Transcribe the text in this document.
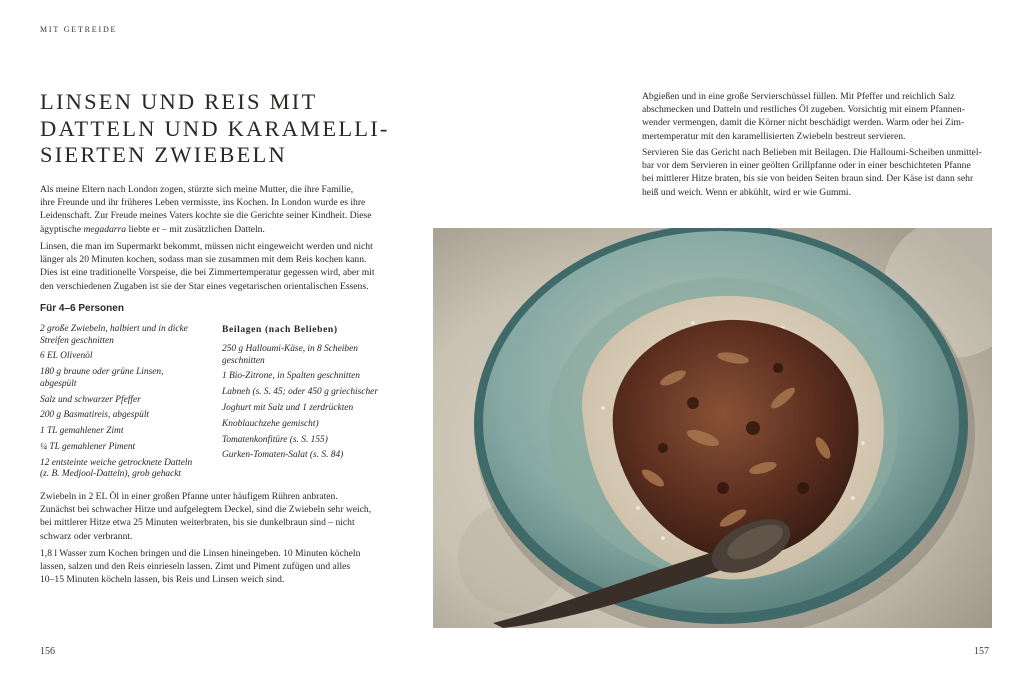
MIT GETREIDE
LINSEN UND REIS MIT
DATTELN UND KARAMELLI-
SIERTEN ZWIEBELN

Als meine Eltern nach London zogen, stürzte sich meine Mutter, die ihre Familie,
ihre Freunde und ihr früheres Leben vermisste, ins Kochen. In London wurde es ihre
Leidenschaft. Zur Freude meines Vaters kochte sie die Gerichte seiner Kindheit. Diese
ägyptische megadarra liebte er – mit zusätzlichen Datteln.

Linsen, die man im Supermarkt bekommt, müssen nicht eingeweicht werden und nicht
länger als 20 Minuten kochen, sodass man sie zusammen mit dem Reis kochen kann.
Dies ist eine traditionelle Vorspeise, die bei Zimmertemperatur gegessen wird, aber mit
den verschiedenen Zugaben ist sie der Star eines vegetarischen orientalischen Essens.

Für 4–6 Personen
2 große Zwiebeln, halbiert und in dicke
Streifen geschnitten
6 EL Olivenöl
180 g braune oder grüne Linsen,
abgespült
Salz und schwarzer Pfeffer
200 g Basmatireis, abgespült
1 TL gemahlener Zimt
¼ TL gemahlener Piment
12 entsteinte weiche getrocknete Datteln
(z. B. Medjool-Datteln), grob gehackt
Beilagen (nach Belieben)
250 g Halloumi-Käse, in 8 Scheiben
geschnitten
1 Bio-Zitrone, in Spalten geschnitten
Labneh (s. S. 45; oder 450 g griechischer
Joghurt mit Salz und 1 zerdrückten
Knoblauchzehe gemischt)
Tomatenkonfitüre (s. S. 155)
Gurken-Tomaten-Salat (s. S. 84)

Zwiebeln in 2 EL Öl in einer großen Pfanne unter häufigem Rühren anbraten.
Zunächst bei schwacher Hitze und aufgelegtem Deckel, sind die Zwiebeln sehr weich,
bei mittlerer Hitze etwa 25 Minuten weiterbraten, bis sie dunkelbraun sind – nicht
schwarz oder verbrannt.

1,8 l Wasser zum Kochen bringen und die Linsen hineingeben. 10 Minuten köcheln
lassen, salzen und den Reis einrieseln lassen. Zimt und Piment zufügen und alles
10–15 Minuten köcheln lassen, bis Reis und Linsen weich sind.

Abgießen und in eine große Servierschüssel füllen. Mit Pfeffer und reichlich Salz
abschmecken und Datteln und restliches Öl zugeben. Vorsichtig mit einem Pfannen-
wender vermengen, damit die Körner nicht beschädigt werden. Warm oder bei Zim-
mertemperatur mit den karamellisierten Zwiebeln bestreut servieren.

Servieren Sie das Gericht nach Belieben mit Beilagen. Die Halloumi-Scheiben unmittel-
bar vor dem Servieren in einer geölten Grillpfanne oder in einer beschichteten Pfanne
bei mittlerer Hitze braten, bis sie von beiden Seiten braun sind. Der Käse ist dann sehr
heiß und weich. Wenn er abkühlt, wird er wie Gummi.

156	157
